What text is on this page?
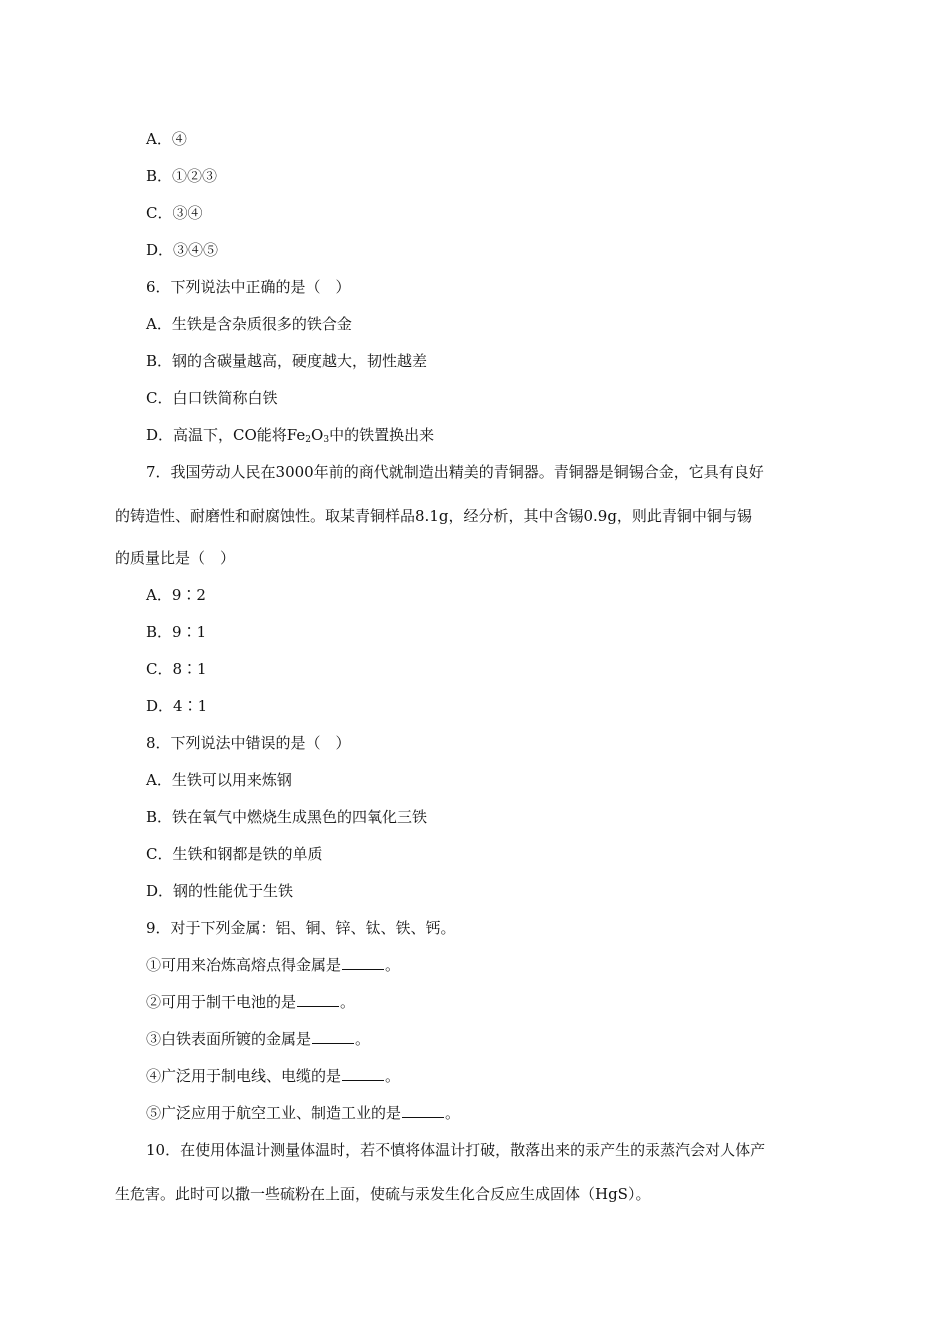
A．④
B．①②③
C．③④
D．③④⑤
6．下列说法中正确的是（　）
A．生铁是含杂质很多的铁合金
B．钢的含碳量越高，硬度越大，韧性越差
C．白口铁简称白铁
D．高温下，CO能将$Fe_2O_3$中的铁置换出来
7．我国劳动人民在3000年前的商代就制造出精美的青铜器。青铜器是铜锡合金，它具有良好
的铸造性、耐磨性和耐腐蚀性。取某青铜样品8.1g，经分析，其中含锡0.9g，则此青铜中铜与锡
的质量比是（　）
A．9∶2
B．9∶1
C．8∶1
D．4∶1
8．下列说法中错误的是（　）
A．生铁可以用来炼钢
B．铁在氧气中燃烧生成黑色的四氧化三铁
C．生铁和钢都是铁的单质
D．钢的性能优于生铁
9．对于下列金属：铝、铜、锌、钛、铁、钙。
①可用来冶炼高熔点得金属是	。
②可用于制干电池的是	。
③白铁表面所镀的金属是	。
④广泛用于制电线、电缆的是	。
⑤广泛应用于航空工业、制造工业的是	。
10．在使用体温计测量体温时，若不慎将体温计打破，散落出来的汞产生的汞蒸汽会对人体产
生危害。此时可以撒一些硫粉在上面，使硫与汞发生化合反应生成固体（HgS）。
